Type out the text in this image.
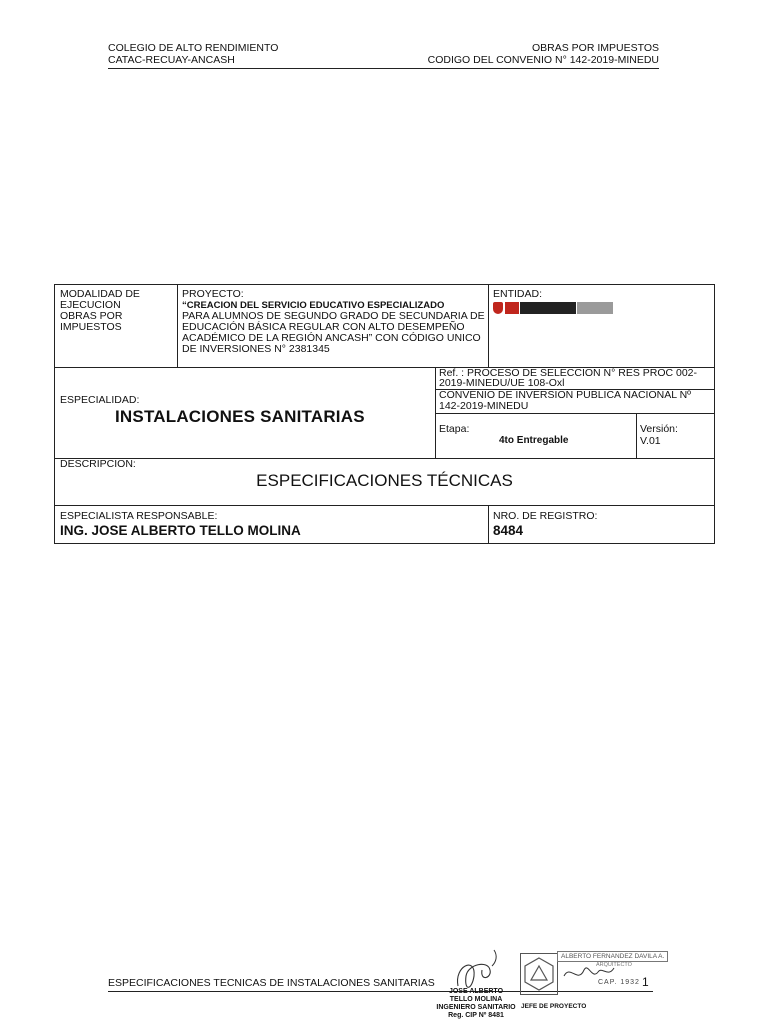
COLEGIO DE ALTO RENDIMIENTO
CATAC-RECUAY-ANCASH
OBRAS POR IMPUESTOS
CODIGO DEL CONVENIO N° 142-2019-MINEDU
MODALIDAD DE
EJECUCION
OBRAS POR
IMPUESTOS
PROYECTO:
“CREACION DEL SERVICIO EDUCATIVO ESPECIALIZADO
PARA ALUMNOS DE SEGUNDO GRADO DE SECUNDARIA DE
EDUCACIÓN BÁSICA REGULAR CON ALTO DESEMPEÑO
ACADÉMICO DE LA REGIÓN ANCASH” CON CÓDIGO UNICO
DE INVERSIONES N° 2381345
ENTIDAD:
ESPECIALIDAD:
INSTALACIONES SANITARIAS
Ref. : PROCESO DE SELECCION N° RES PROC 002-
2019-MINEDU/UE 108-Oxl
CONVENIO DE INVERSION PUBLICA NACIONAL Nº
142-2019-MINEDU
Etapa:
4to Entregable
Versión:
V.01
DESCRIPCION:
ESPECIFICACIONES TÉCNICAS
ESPECIALISTA RESPONSABLE:
ING. JOSE ALBERTO TELLO MOLINA
NRO. DE REGISTRO:
8484
ESPECIFICACIONES TECNICAS DE INSTALACIONES SANITARIAS	1
JOSE ALBERTO
TELLO MOLINA
INGENIERO SANITARIO
Reg. CIP Nº 8481
ALBERTO FERNANDEZ DAVILA A.
ARQUITECTO
CAP. 1932
JEFE DE PROYECTO
